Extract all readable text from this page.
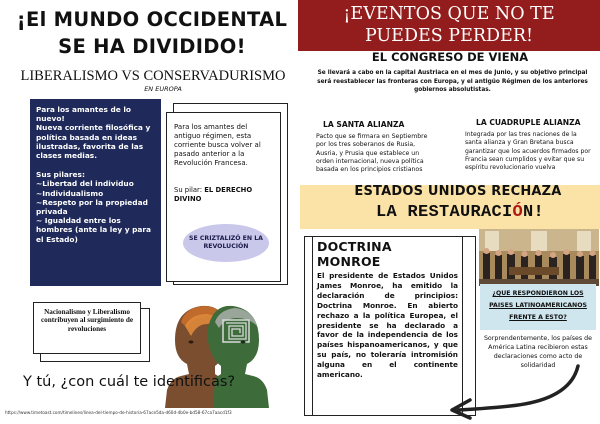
¡El MUNDO OCCIDENTAL
SE HA DIVIDIDO!
LIBERALISMO VS CONSERVADURISMO
EN EUROPA
Para los amantes de lo nuevo!
Nueva corriente filosófica y política basada en ideas ilustradas, favorita de las clases medias.
Sus pilares:
~Libertad del individuo
~Individualismo
~Respeto por la propiedad privada
~ Igualdad entre los hombres (ante la ley y para el Estado)
Para los amantes del antiguo régimen, esta corriente busca volver al pasado anterior a la Revolución Francesa.
Su pilar: EL DERECHO DIVINO
SE CRIZTALIZÓ EN LA REVOLUCIÓN
Nacionalismo y Liberalismo contribuyen al surgimiento de revoluciones
Y tú, ¿con cuál te identificas?
https://www.timetoast.com/timelines/linea-del-tiempo-de-historia-67ace5da-d60d-4b0e-bd58-67ca7aacd1f3
¡EVENTOS QUE NO TE
PUEDES PERDER!
EL CONGRESO DE VIENA
Se llevará a cabo en la capital Austriaca en el mes de Junio, y su objetivo principal será reestablecer las fronteras con Europa, y el antigüo Régimen de los anteriores gobiernos absolutistas.
LA SANTA ALIANZA
Pacto que se firmara en Septiembre por los tres soberanos de Rusia, Ausria, y Prusia que establece un orden internacional, nueva política basada en los principios cristianos
LA CUADRUPLE ALIANZA
Integrada por las tres naciones de la santa alianza y Gran Bretana busca garantizar que los acuerdos firmados por Francia sean cumplidos y evitar que su espíritu revolucionario vuelva
ESTADOS UNIDOS RECHAZA
LA RESTAURACIÓN!
DOCTRINA MONROE
El presidente de Estados Unidos James Monroe, ha emitido la declaración de principios: Doctrina Monroe. En abierto rechazo a la política Europea, el presidente se ha declarado a favor de la independencia de los países hispanoamericanos, y que su país, no toleraría intromisión alguna en el continente americano.
¿QUE RESPONDIERON LOS PAISES LATINOAMERICANOS FRENTE A ESTO?
Sorprendentemente, los países de América Latina recibieron estas declaraciones como acto de solidaridad
